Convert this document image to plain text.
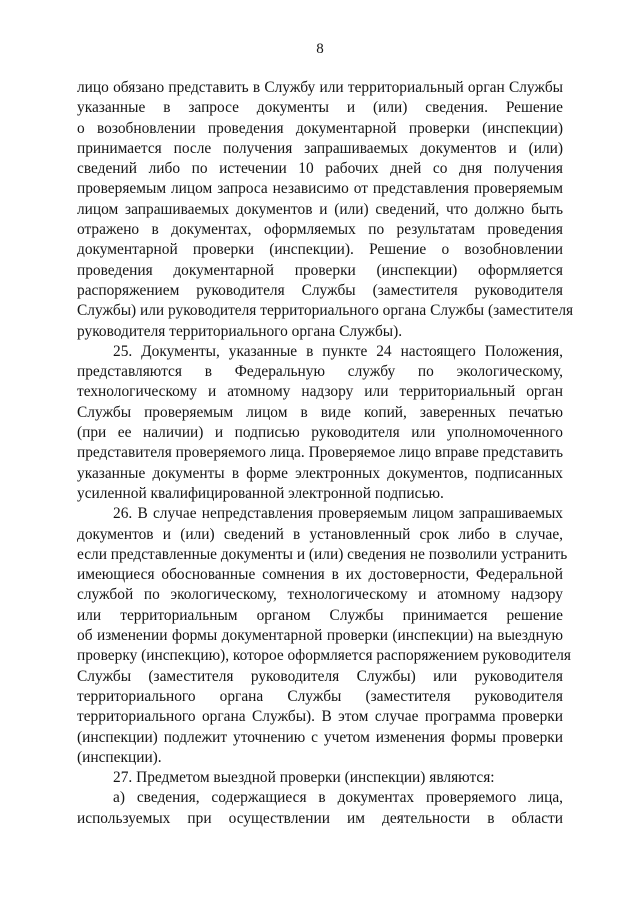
8
лицо обязано представить в Службу или территориальный орган Службы
указанные в запросе документы и (или) сведения. Решение
о возобновлении проведения документарной проверки (инспекции)
принимается после получения запрашиваемых документов и (или)
сведений либо по истечении 10 рабочих дней со дня получения
проверяемым лицом запроса независимо от представления проверяемым
лицом запрашиваемых документов и (или) сведений, что должно быть
отражено в документах, оформляемых по результатам проведения
документарной проверки (инспекции). Решение о возобновлении
проведения документарной проверки (инспекции) оформляется
распоряжением руководителя Службы (заместителя руководителя
Службы) или руководителя территориального органа Службы (заместителя
руководителя территориального органа Службы).
25. Документы, указанные в пункте 24 настоящего Положения,
представляются в Федеральную службу по экологическому,
технологическому и атомному надзору или территориальный орган
Службы проверяемым лицом в виде копий, заверенных печатью
(при ее наличии) и подписью руководителя или уполномоченного
представителя проверяемого лица. Проверяемое лицо вправе представить
указанные документы в форме электронных документов, подписанных
усиленной квалифицированной электронной подписью.
26. В случае непредставления проверяемым лицом запрашиваемых
документов и (или) сведений в установленный срок либо в случае,
если представленные документы и (или) сведения не позволили устранить
имеющиеся обоснованные сомнения в их достоверности, Федеральной
службой по экологическому, технологическому и атомному надзору
или территориальным органом Службы принимается решение
об изменении формы документарной проверки (инспекции) на выездную
проверку (инспекцию), которое оформляется распоряжением руководителя
Службы (заместителя руководителя Службы) или руководителя
территориального органа Службы (заместителя руководителя
территориального органа Службы). В этом случае программа проверки
(инспекции) подлежит уточнению с учетом изменения формы проверки
(инспекции).
27. Предметом выездной проверки (инспекции) являются:
а) сведения, содержащиеся в документах проверяемого лица,
используемых при осуществлении им деятельности в области
